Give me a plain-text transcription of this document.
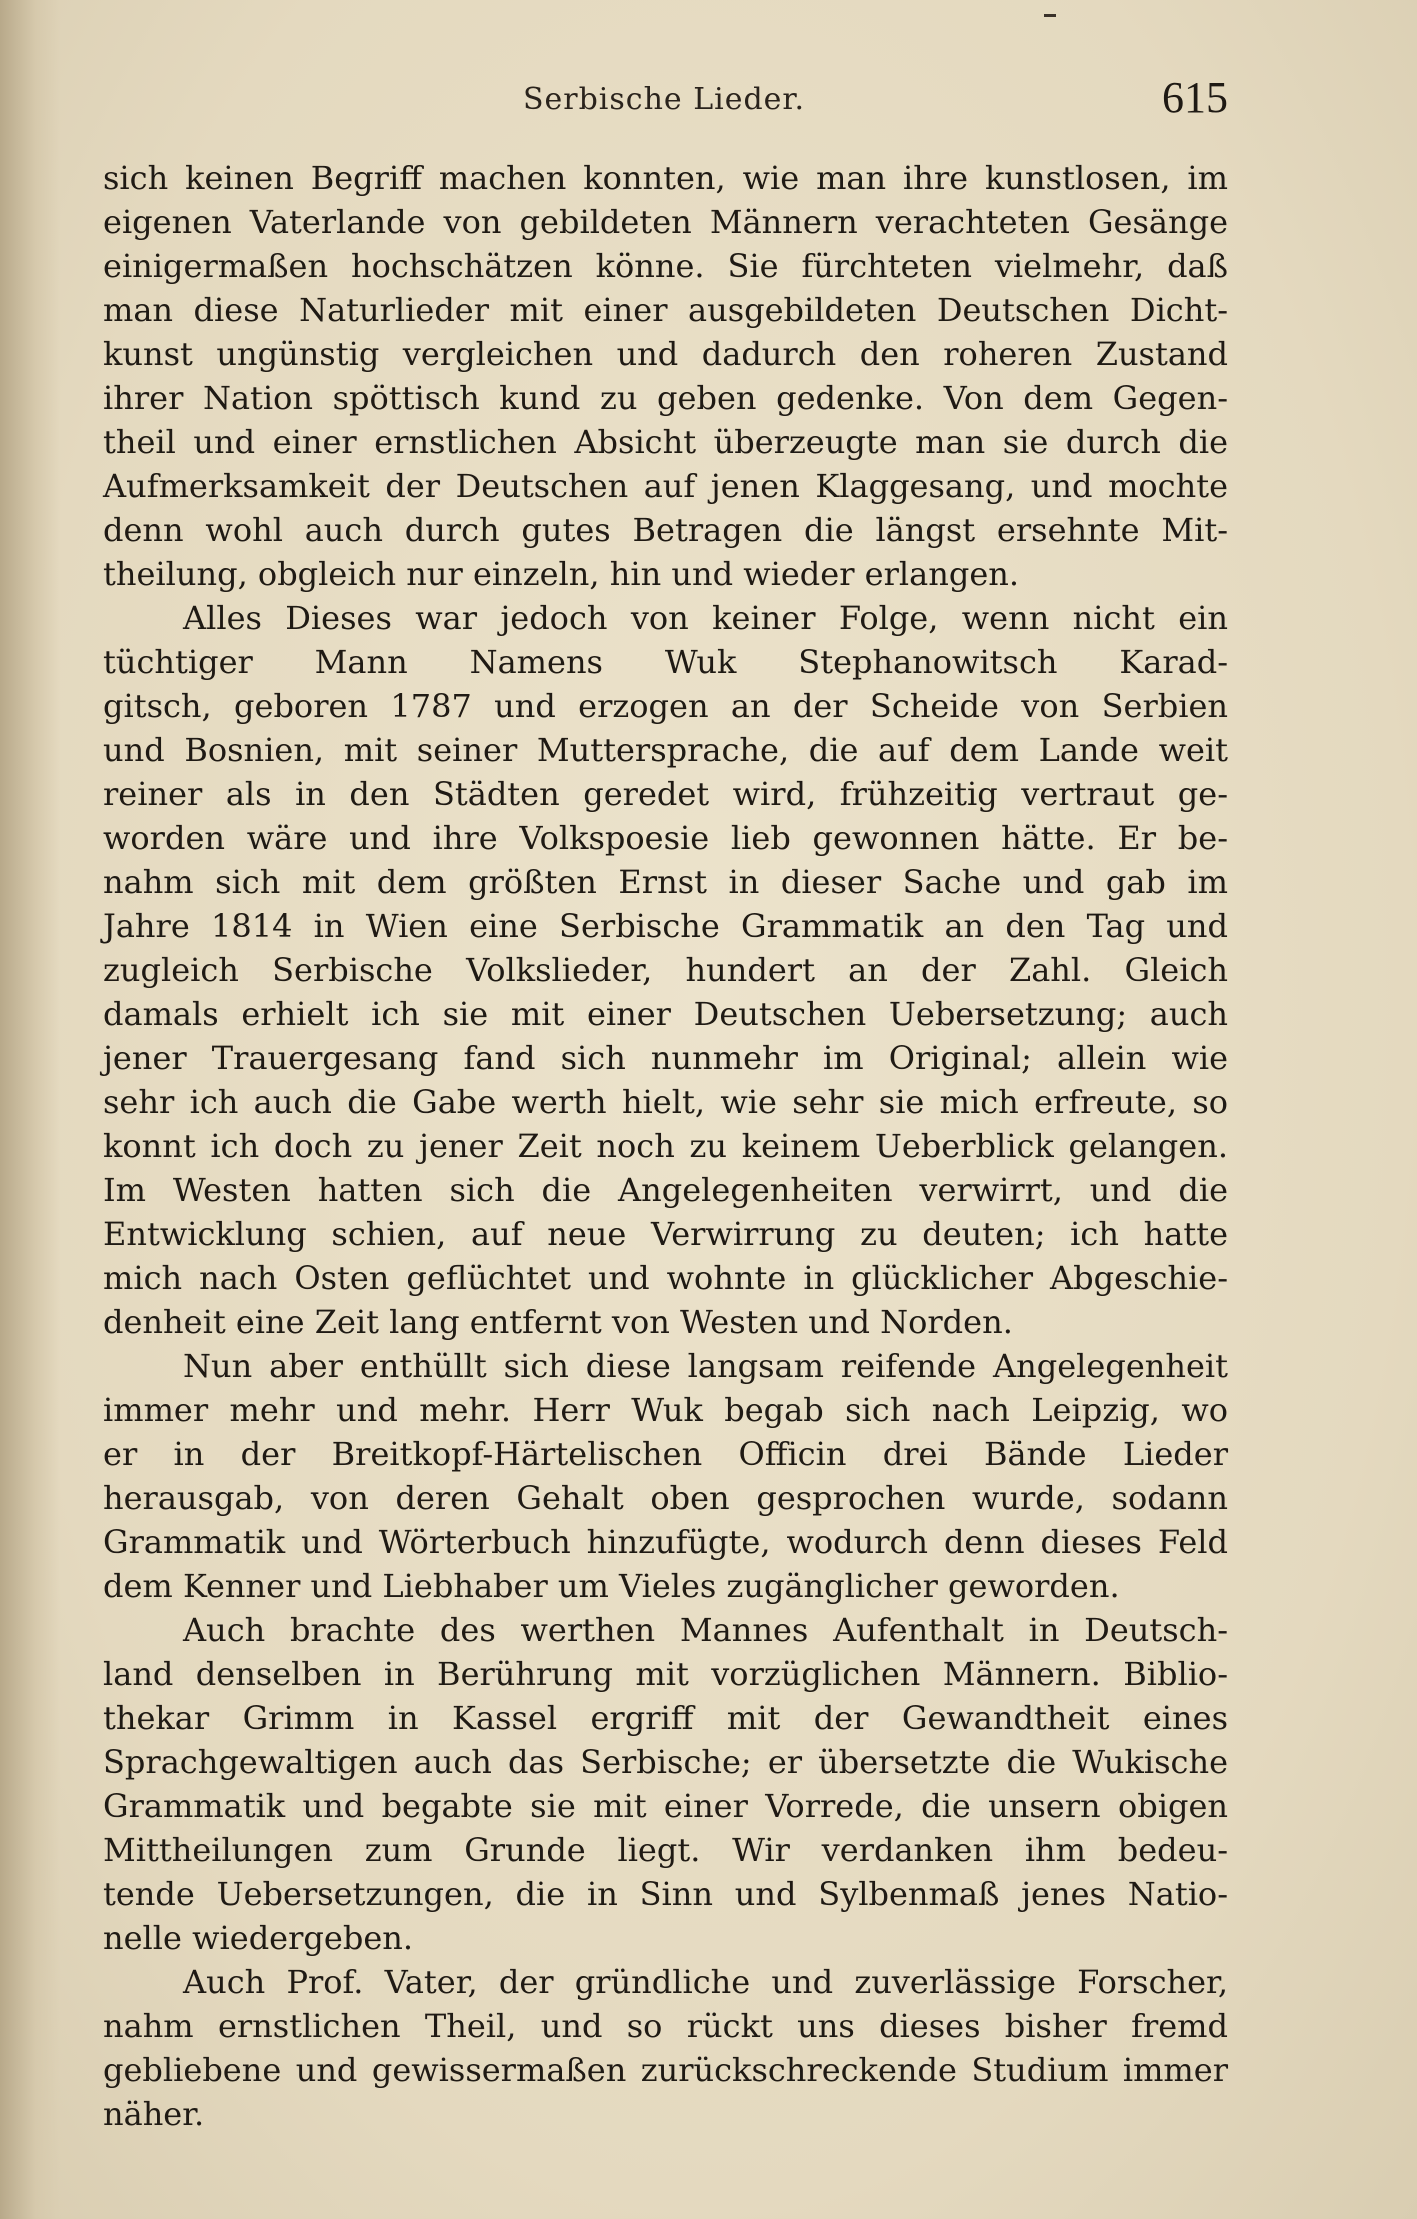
Serbische Lieder.	615
sich keinen Begriff machen konnten, wie man ihre kunstlosen, im
eigenen Vaterlande von gebildeten Männern verachteten Gesänge
einigermaßen hochschätzen könne. Sie fürchteten vielmehr, daß
man diese Naturlieder mit einer ausgebildeten Deutschen Dicht-
kunst ungünstig vergleichen und dadurch den roheren Zustand
ihrer Nation spöttisch kund zu geben gedenke. Von dem Gegen-
theil und einer ernstlichen Absicht überzeugte man sie durch die
Aufmerksamkeit der Deutschen auf jenen Klaggesang, und mochte
denn wohl auch durch gutes Betragen die längst ersehnte Mit-
theilung, obgleich nur einzeln, hin und wieder erlangen.
Alles Dieses war jedoch von keiner Folge, wenn nicht ein
tüchtiger Mann Namens Wuk Stephanowitsch Karad-
gitsch, geboren 1787 und erzogen an der Scheide von Serbien
und Bosnien, mit seiner Muttersprache, die auf dem Lande weit
reiner als in den Städten geredet wird, frühzeitig vertraut ge-
worden wäre und ihre Volkspoesie lieb gewonnen hätte. Er be-
nahm sich mit dem größten Ernst in dieser Sache und gab im
Jahre 1814 in Wien eine Serbische Grammatik an den Tag und
zugleich Serbische Volkslieder, hundert an der Zahl. Gleich
damals erhielt ich sie mit einer Deutschen Uebersetzung; auch
jener Trauergesang fand sich nunmehr im Original; allein wie
sehr ich auch die Gabe werth hielt, wie sehr sie mich erfreute, so
konnt ich doch zu jener Zeit noch zu keinem Ueberblick gelangen.
Im Westen hatten sich die Angelegenheiten verwirrt, und die
Entwicklung schien, auf neue Verwirrung zu deuten; ich hatte
mich nach Osten geflüchtet und wohnte in glücklicher Abgeschie-
denheit eine Zeit lang entfernt von Westen und Norden.
Nun aber enthüllt sich diese langsam reifende Angelegenheit
immer mehr und mehr. Herr Wuk begab sich nach Leipzig, wo
er in der Breitkopf-Härtelischen Officin drei Bände Lieder
herausgab, von deren Gehalt oben gesprochen wurde, sodann
Grammatik und Wörterbuch hinzufügte, wodurch denn dieses Feld
dem Kenner und Liebhaber um Vieles zugänglicher geworden.
Auch brachte des werthen Mannes Aufenthalt in Deutsch-
land denselben in Berührung mit vorzüglichen Männern. Biblio-
thekar Grimm in Kassel ergriff mit der Gewandtheit eines
Sprachgewaltigen auch das Serbische; er übersetzte die Wukische
Grammatik und begabte sie mit einer Vorrede, die unsern obigen
Mittheilungen zum Grunde liegt. Wir verdanken ihm bedeu-
tende Uebersetzungen, die in Sinn und Sylbenmaß jenes Natio-
nelle wiedergeben.
Auch Prof. Vater, der gründliche und zuverlässige Forscher,
nahm ernstlichen Theil, und so rückt uns dieses bisher fremd
gebliebene und gewissermaßen zurückschreckende Studium immer
näher.
